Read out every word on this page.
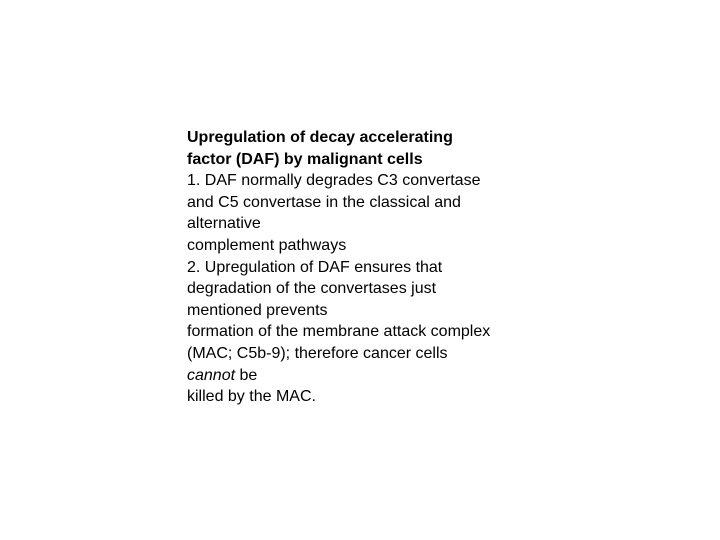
Upregulation of decay accelerating
factor (DAF) by malignant cells
1. DAF normally degrades C3 convertase
and C5 convertase in the classical and
alternative
complement pathways
2. Upregulation of DAF ensures that
degradation of the convertases just
mentioned prevents
formation of the membrane attack complex
(MAC; C5b-9); therefore cancer cells
cannot be
killed by the MAC.
